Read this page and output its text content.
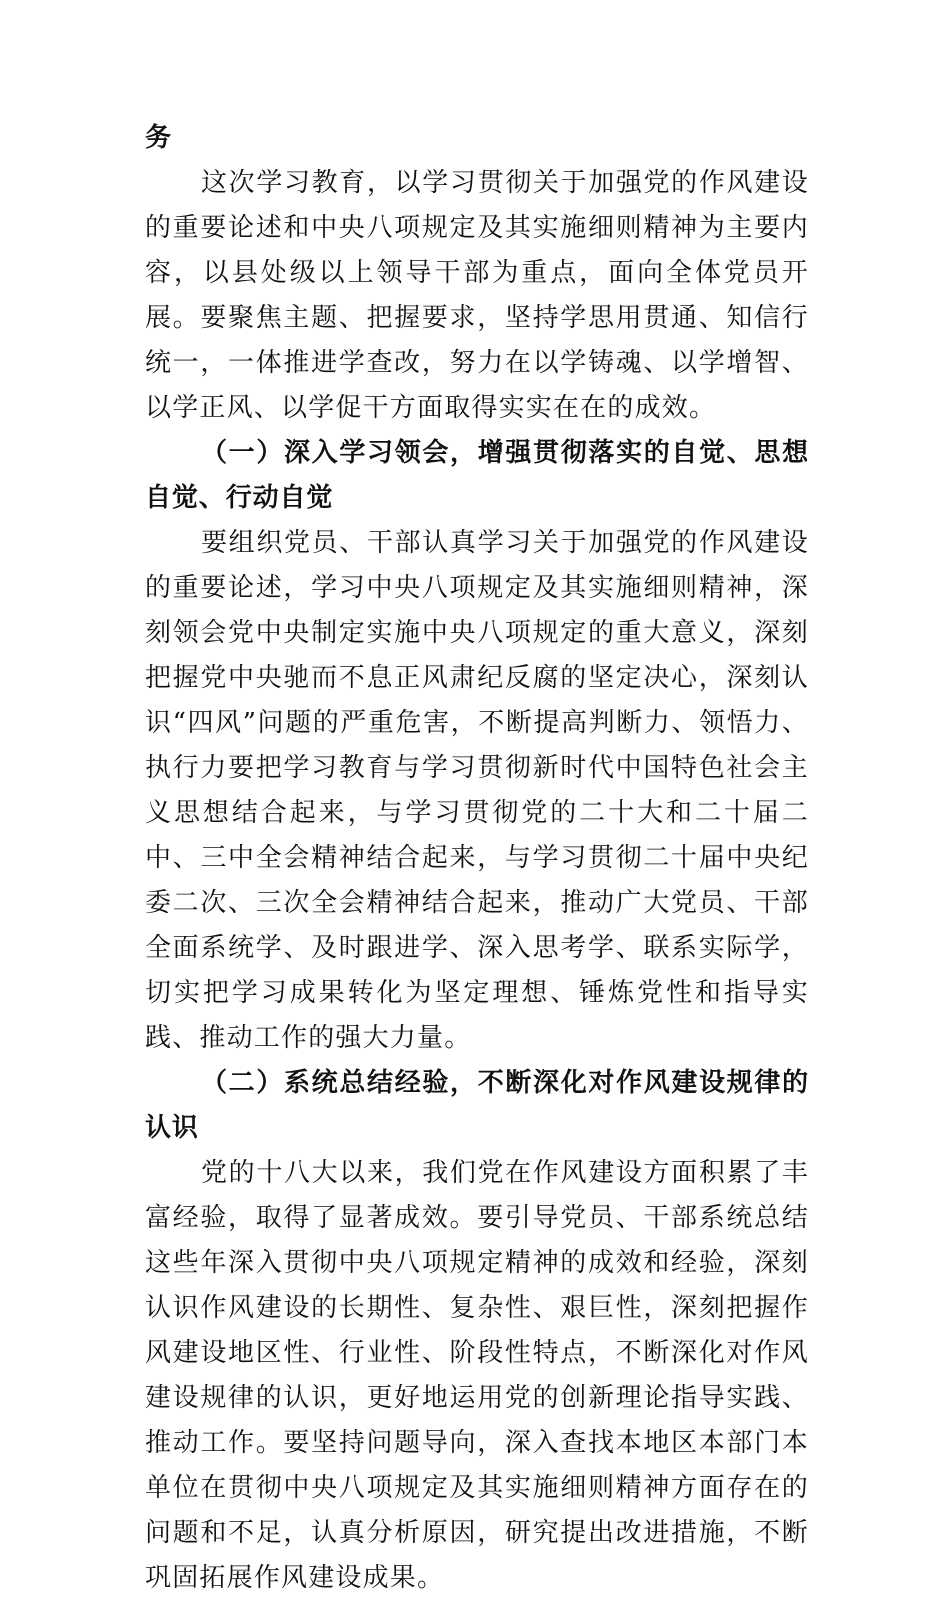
务

这次学习教育，以学习贯彻关于加强党的作风建设的重要论述和中央八项规定及其实施细则精神为主要内容，以县处级以上领导干部为重点，面向全体党员开展。要聚焦主题、把握要求，坚持学思用贯通、知信行统一，一体推进学查改，努力在以学铸魂、以学增智、以学正风、以学促干方面取得实实在在的成效。

（一）深入学习领会，增强贯彻落实的自觉、思想自觉、行动自觉

要组织党员、干部认真学习关于加强党的作风建设的重要论述，学习中央八项规定及其实施细则精神，深刻领会党中央制定实施中央八项规定的重大意义，深刻把握党中央驰而不息正风肃纪反腐的坚定决心，深刻认识“四风”问题的严重危害，不断提高判断力、领悟力、执行力要把学习教育与学习贯彻新时代中国特色社会主义思想结合起来，与学习贯彻党的二十大和二十届二中、三中全会精神结合起来，与学习贯彻二十届中央纪委二次、三次全会精神结合起来，推动广大党员、干部全面系统学、及时跟进学、深入思考学、联系实际学，切实把学习成果转化为坚定理想、锤炼党性和指导实践、推动工作的强大力量。

（二）系统总结经验，不断深化对作风建设规律的认识

党的十八大以来，我们党在作风建设方面积累了丰富经验，取得了显著成效。要引导党员、干部系统总结这些年深入贯彻中央八项规定精神的成效和经验，深刻认识作风建设的长期性、复杂性、艰巨性，深刻把握作风建设地区性、行业性、阶段性特点，不断深化对作风建设规律的认识，更好地运用党的创新理论指导实践、推动工作。要坚持问题导向，深入查找本地区本部门本单位在贯彻中央八项规定及其实施细则精神方面存在的问题和不足，认真分析原因，研究提出改进措施，不断巩固拓展作风建设成果。
